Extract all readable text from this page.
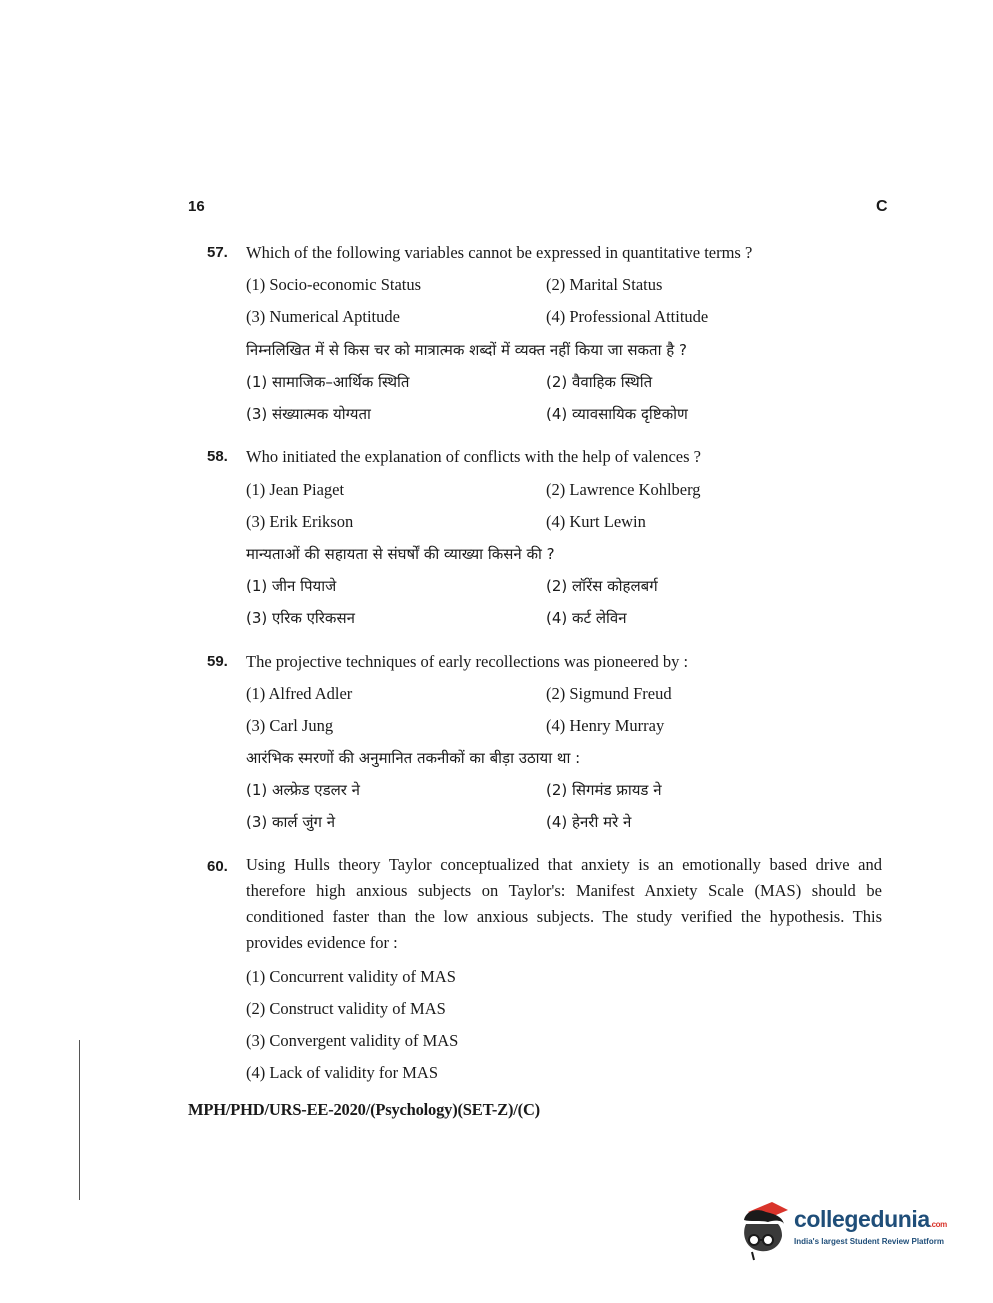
16	C
57. Which of the following variables cannot be expressed in quantitative terms ?
(1) Socio-economic Status	(2) Marital Status
(3) Numerical Aptitude	(4) Professional Attitude
निम्नलिखित में से किस चर को मात्रात्मक शब्दों में व्यक्त नहीं किया जा सकता है ?
(1) सामाजिक–आर्थिक स्थिति	(2) वैवाहिक स्थिति
(3) संख्यात्मक योग्यता	(4) व्यावसायिक दृष्टिकोण
58. Who initiated the explanation of conflicts with the help of valences ?
(1) Jean Piaget	(2) Lawrence Kohlberg
(3) Erik Erikson	(4) Kurt Lewin
मान्यताओं की सहायता से संघर्षों की व्याख्या किसने की ?
(1) जीन पियाजे	(2) लॉरेंस कोहलबर्ग
(3) एरिक एरिकसन	(4) कर्ट लेविन
59. The projective techniques of early recollections was pioneered by :
(1) Alfred Adler	(2) Sigmund Freud
(3) Carl Jung	(4) Henry Murray
आरंभिक स्मरणों की अनुमानित तकनीकों का बीड़ा उठाया था :
(1) अल्फ्रेड एडलर ने	(2) सिगमंड फ्रायड ने
(3) कार्ल जुंग ने	(4) हेनरी मरे ने
60. Using Hulls theory Taylor conceptualized that anxiety is an emotionally based drive and therefore high anxious subjects on Taylor's: Manifest Anxiety Scale (MAS) should be conditioned faster than the low anxious subjects. The study verified the hypothesis. This provides evidence for :
(1) Concurrent validity of MAS
(2) Construct validity of MAS
(3) Convergent validity of MAS
(4) Lack of validity for MAS
MPH/PHD/URS-EE-2020/(Psychology)(SET-Z)/(C)
collegedunia.com
India's largest Student Review Platform
